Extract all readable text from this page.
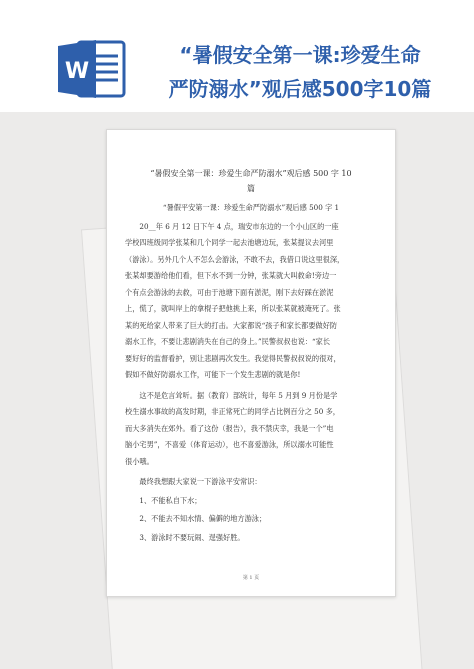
W
“暑假安全第一课:珍爱生命
严防溺水”观后感500字10篇
“暑假安全第一课：珍爱生命严防溺水”观后感 500 字 10
篇
“暑假平安第一课：珍爱生命严防溺水”观后感 500 字 1
20__年 6 月 12 日下午 4 点，瑞安市东边的一个小山区的一座
学校四班级同学张某和几个同学一起去池塘边玩，张某提议去河里
（游泳）。另外几个人不怎么会游泳，不敢不去，我借口说这里很深，
张某却要游给他们看，但下水不到一分钟，张某就大叫救命!旁边一
个有点会游泳的去救，可由于池塘下面有淤泥，刚下去好踩在淤泥
上，慌了，就叫岸上的拿棍子把他挑上来，所以张某就被淹死了。张
某的死给家人带来了巨大的打击。大家都说“孩子和家长都要做好防
溺水工作，不要让悲剧消失在自己的身上。”民警叔叔也说：“家长
要好好的监督看护，别让悲剧再次发生。我觉得民警叔叔说的很对，
假如不做好防溺水工作，可能下一个发生悲剧的就是你!
这不是危言耸听。据（教育）部统计，每年 5 月到 9 月份是学
校生溺水事故的高发时期，非正常死亡的同学占比例百分之 50 多，
而大多消失在郊外。看了这份（报告），我不禁庆幸，我是一个”电
脑小宅男”，不喜爱（体育运动），也不喜爱游泳，所以溺水可能性
很小哦。
最终我想跟大家说一下游泳平安常识：
1、不能私自下水；
2、不能去不知水情、偏僻的地方游泳；
3、游泳时不要玩闹、逞强好胜。
第 1 页
